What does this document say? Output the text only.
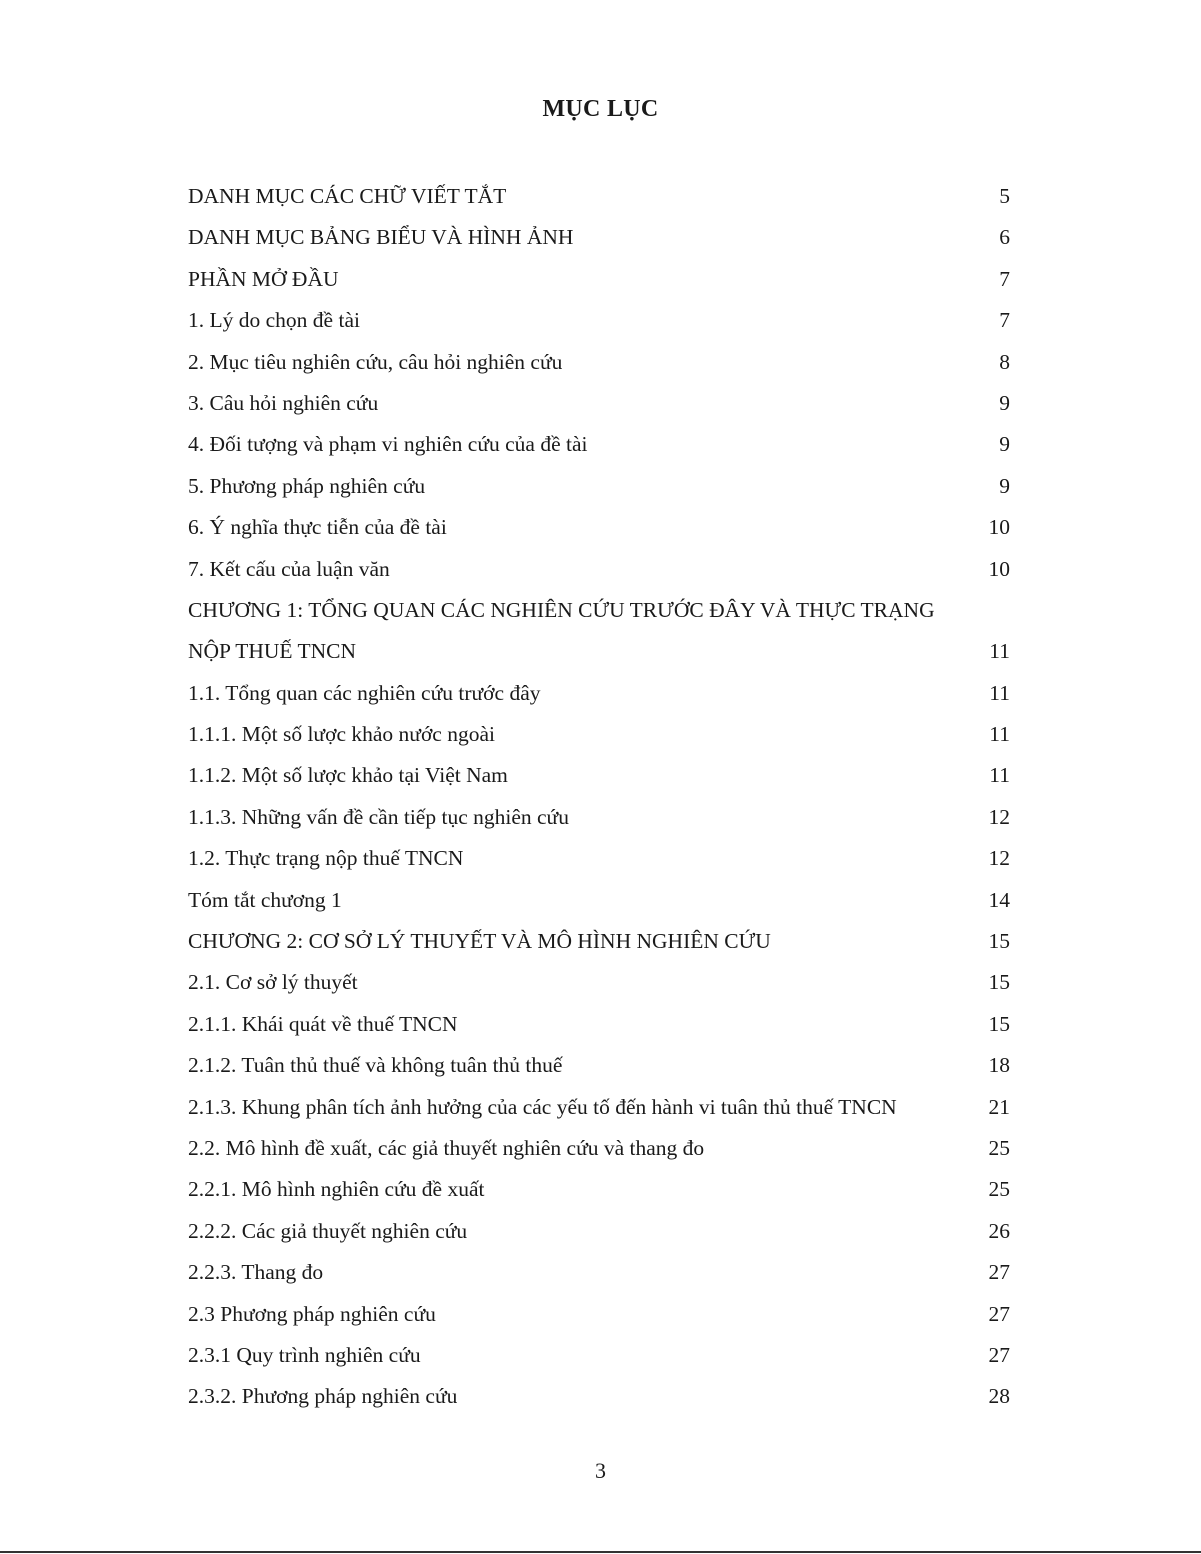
MỤC LỤC
DANH MỤC CÁC CHỮ VIẾT TẮT .....	5
DANH MỤC BẢNG BIỂU VÀ HÌNH ẢNH .....	6
PHẦN MỞ ĐẦU .....	7
1. Lý do chọn đề tài .....	7
2. Mục tiêu nghiên cứu, câu hỏi nghiên cứu .....	8
3. Câu hỏi nghiên cứu .....	9
4. Đối tượng và phạm vi nghiên cứu của đề tài .....	9
5. Phương pháp nghiên cứu .....	9
6. Ý nghĩa thực tiễn của đề tài .....	10
7. Kết cấu của luận văn .....	10
CHƯƠNG 1: TỔNG QUAN CÁC NGHIÊN CỨU TRƯỚC ĐÂY VÀ THỰC TRẠNG
NỘP THUẾ TNCN .....	11
1.1. Tổng quan các nghiên cứu trước đây .....	11
1.1.1. Một số lược khảo nước ngoài .....	11
1.1.2. Một số lược khảo tại Việt Nam .....	11
1.1.3. Những vấn đề cần tiếp tục nghiên cứu .....	12
1.2. Thực trạng nộp thuế TNCN .....	12
Tóm tắt chương 1 .....	14
CHƯƠNG 2: CƠ SỞ LÝ THUYẾT VÀ MÔ HÌNH NGHIÊN CỨU .....	15
2.1. Cơ sở lý thuyết .....	15
2.1.1. Khái quát về thuế TNCN .....	15
2.1.2. Tuân thủ thuế và không tuân thủ thuế .....	18
2.1.3. Khung phân tích ảnh hưởng của các yếu tố đến hành vi tuân thủ thuế TNCN .....	21
2.2. Mô hình đề xuất, các giả thuyết nghiên cứu và thang đo .....	25
2.2.1. Mô hình nghiên cứu đề xuất .....	25
2.2.2. Các giả thuyết nghiên cứu .....	26
2.2.3. Thang đo .....	27
2.3 Phương pháp nghiên cứu .....	27
2.3.1 Quy trình nghiên cứu .....	27
2.3.2. Phương pháp nghiên cứu .....	28
3
